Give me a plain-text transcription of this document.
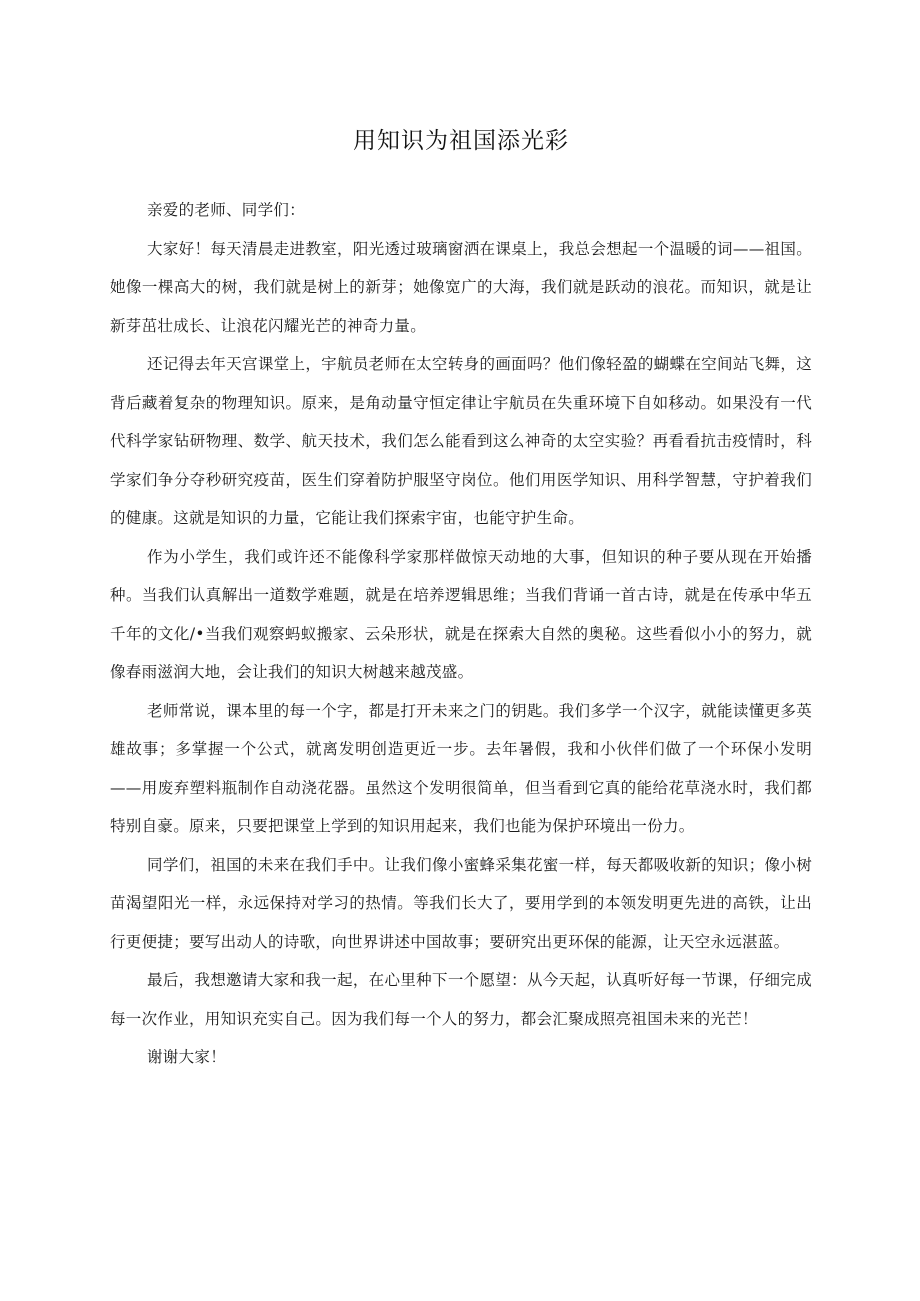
用知识为祖国添光彩

亲爱的老师、同学们：

大家好！每天清晨走进教室，阳光透过玻璃窗洒在课桌上，我总会想起一个温暖的词——祖国。她像一棵高大的树，我们就是树上的新芽；她像宽广的大海，我们就是跃动的浪花。而知识，就是让新芽茁壮成长、让浪花闪耀光芒的神奇力量。

还记得去年天宫课堂上，宇航员老师在太空转身的画面吗？他们像轻盈的蝴蝶在空间站飞舞，这背后藏着复杂的物理知识。原来，是角动量守恒定律让宇航员在失重环境下自如移动。如果没有一代代科学家钻研物理、数学、航天技术，我们怎么能看到这么神奇的太空实验？再看看抗击疫情时，科学家们争分夺秒研究疫苗，医生们穿着防护服坚守岗位。他们用医学知识、用科学智慧，守护着我们的健康。这就是知识的力量，它能让我们探索宇宙，也能守护生命。

作为小学生，我们或许还不能像科学家那样做惊天动地的大事，但知识的种子要从现在开始播种。当我们认真解出一道数学难题，就是在培养逻辑思维；当我们背诵一首古诗，就是在传承中华五千年的文化/•当我们观察蚂蚁搬家、云朵形状，就是在探索大自然的奥秘。这些看似小小的努力，就像春雨滋润大地，会让我们的知识大树越来越茂盛。

老师常说，课本里的每一个字，都是打开未来之门的钥匙。我们多学一个汉字，就能读懂更多英雄故事；多掌握一个公式，就离发明创造更近一步。去年暑假，我和小伙伴们做了一个环保小发明——用废弃塑料瓶制作自动浇花器。虽然这个发明很简单，但当看到它真的能给花草浇水时，我们都特别自豪。原来，只要把课堂上学到的知识用起来，我们也能为保护环境出一份力。

同学们，祖国的未来在我们手中。让我们像小蜜蜂采集花蜜一样，每天都吸收新的知识；像小树苗渴望阳光一样，永远保持对学习的热情。等我们长大了，要用学到的本领发明更先进的高铁，让出行更便捷；要写出动人的诗歌，向世界讲述中国故事；要研究出更环保的能源，让天空永远湛蓝。

最后，我想邀请大家和我一起，在心里种下一个愿望：从今天起，认真听好每一节课，仔细完成每一次作业，用知识充实自己。因为我们每一个人的努力，都会汇聚成照亮祖国未来的光芒！

谢谢大家！
